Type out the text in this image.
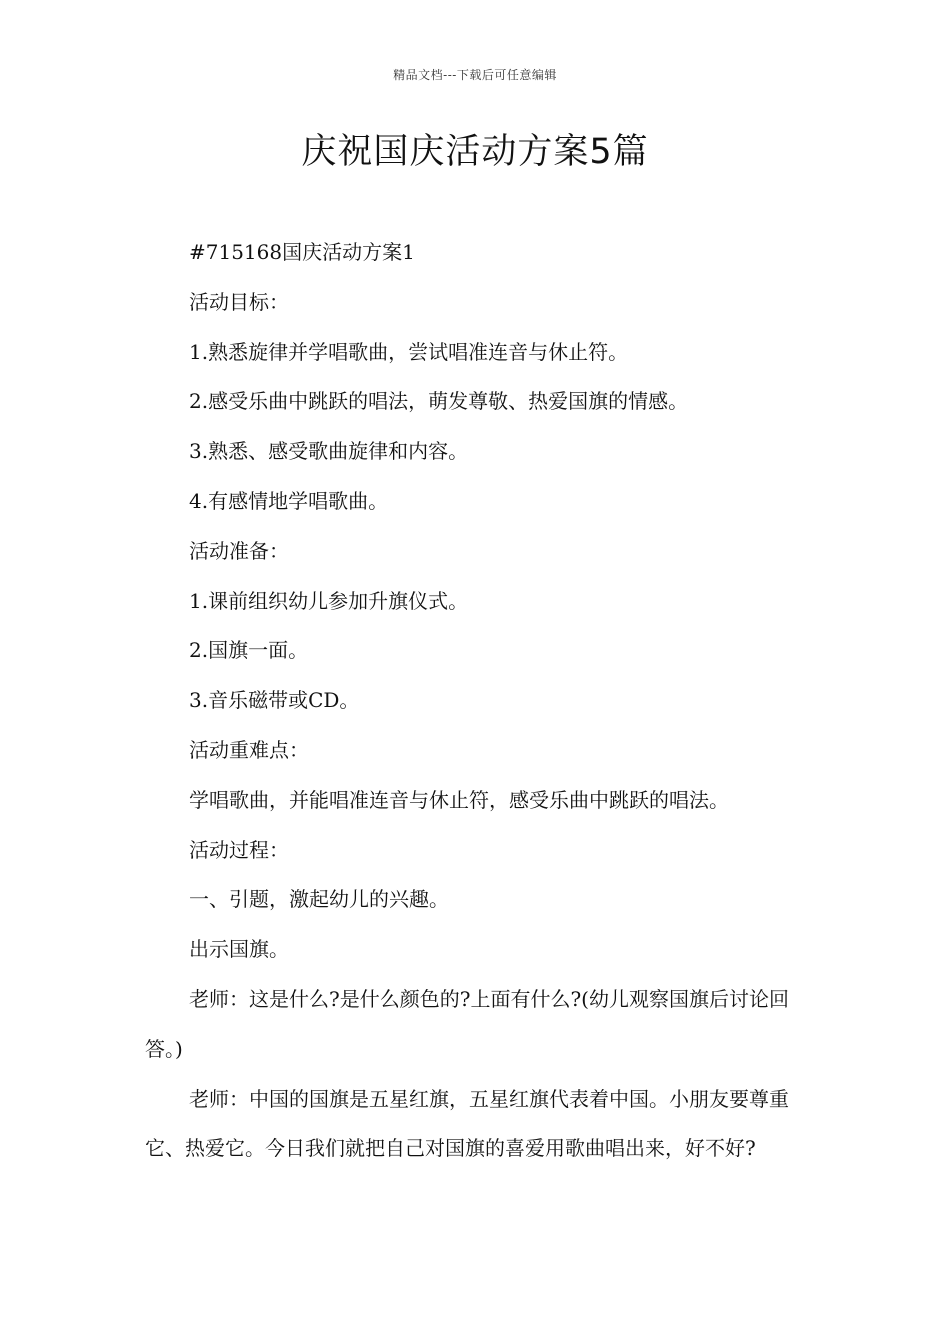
精品文档---下载后可任意编辑
庆祝国庆活动方案5篇

#715168国庆活动方案1

活动目标：

1.熟悉旋律并学唱歌曲，尝试唱准连音与休止符。

2.感受乐曲中跳跃的唱法，萌发尊敬、热爱国旗的情感。

3.熟悉、感受歌曲旋律和内容。

4.有感情地学唱歌曲。

活动准备：

1.课前组织幼儿参加升旗仪式。

2.国旗一面。

3.音乐磁带或CD。

活动重难点：

学唱歌曲，并能唱准连音与休止符，感受乐曲中跳跃的唱法。

活动过程：

一、引题，激起幼儿的兴趣。

出示国旗。

老师：这是什么?是什么颜色的?上面有什么?(幼儿观察国旗后讨论回答。)

老师：中国的国旗是五星红旗，五星红旗代表着中国。小朋友要尊重它、热爱它。今日我们就把自己对国旗的喜爱用歌曲唱出来，好不好?
